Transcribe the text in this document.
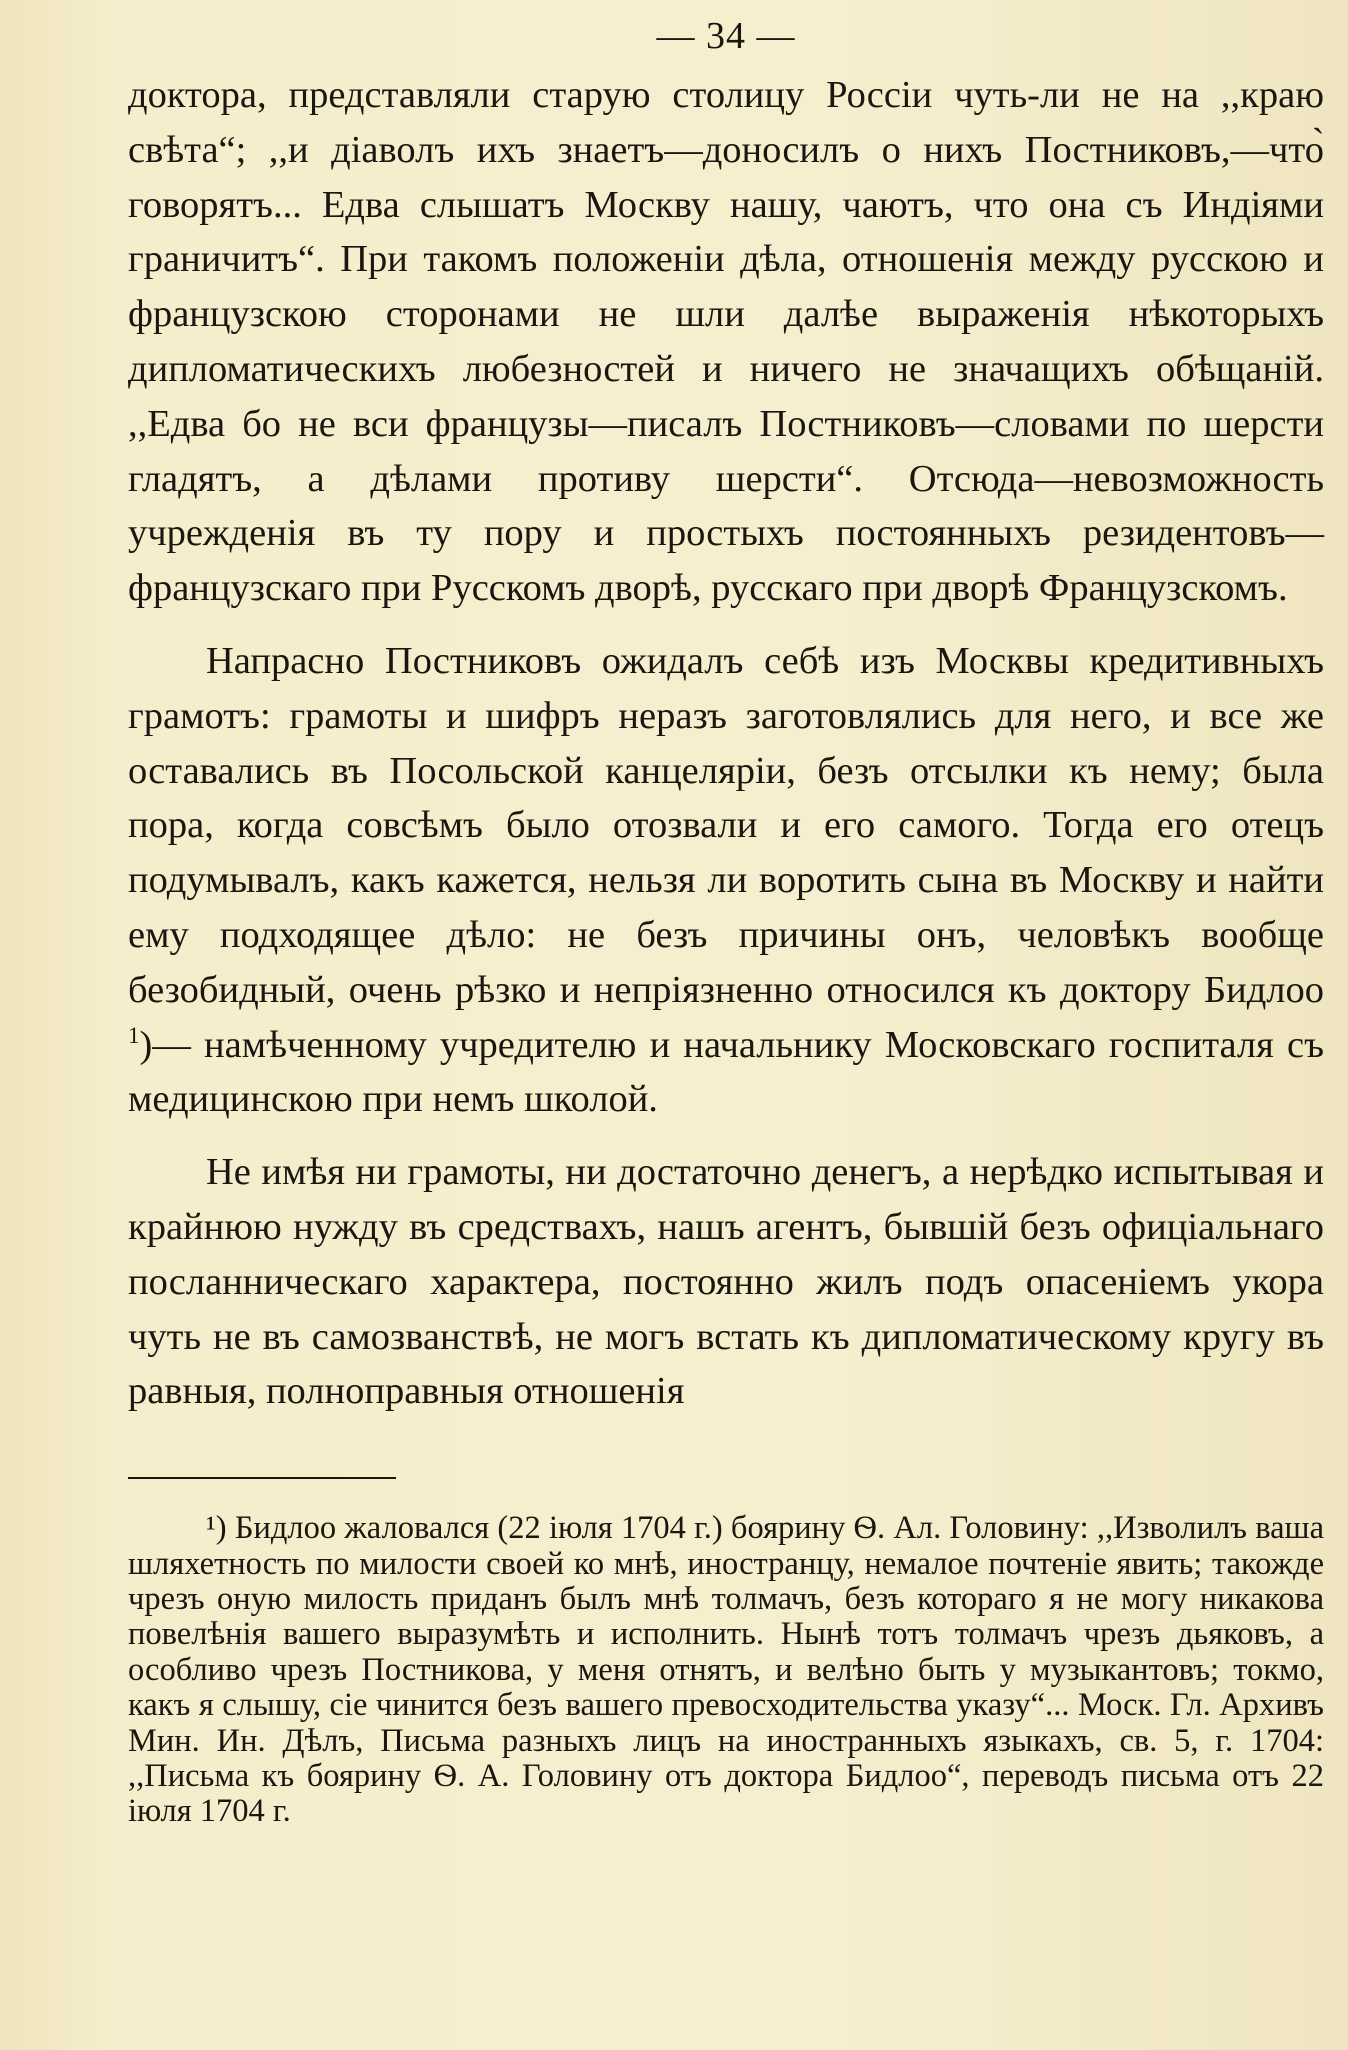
— 34 —

доктора, представляли старую столицу Россіи чуть-ли не на ,,краю свѣта“; ,,и діаволъ ихъ знаетъ—доносилъ о нихъ Постниковъ,—что̀ говорятъ... Едва слышатъ Москву нашу, чаютъ, что она съ Индіями граничитъ“. При такомъ положеніи дѣла, отношенія между русскою и французскою сторонами не шли далѣе выраженія нѣкоторыхъ дипломатическихъ любезностей и ничего не значащихъ обѣщаній. ,,Едва бо не вси французы—писалъ Постниковъ—словами по шерсти гладятъ, а дѣлами противу шерсти“. Отсюда—невозможность учрежденія въ ту пору и простыхъ постоянныхъ резидентовъ—французскаго при Русскомъ дворѣ, русскаго при дворѣ Французскомъ.

Напрасно Постниковъ ожидалъ себѣ изъ Москвы кредитивныхъ грамотъ: грамоты и шифръ неразъ заготовлялись для него, и все же оставались въ Посольской канцеляріи, безъ отсылки къ нему; была пора, когда совсѣмъ было отозвали и его самого. Тогда его отецъ подумывалъ, какъ кажется, нельзя ли воротить сына въ Москву и найти ему подходящее дѣло: не безъ причины онъ, человѣкъ вообще безобидный, очень рѣзко и непріязненно относился къ доктору Бидлоо $^1$)— намѣченному учредителю и начальнику Московскаго госпиталя съ медицинскою при немъ школой.

Не имѣя ни грамоты, ни достаточно денегъ, а нерѣдко испытывая и крайнюю нужду въ средствахъ, нашъ агентъ, бывшій безъ офиціальнаго посланническаго характера, постоянно жилъ подъ опасеніемъ укора чуть не въ самозванствѣ, не могъ встать къ дипломатическому кругу въ равныя, полноправныя отношенія

¹) Бидлоо жаловался (22 іюля 1704 г.) боярину Ѳ. Ал. Головину: ,,Изволилъ ваша шляхетность по милости своей ко мнѣ, иностранцу, немалое почтеніе явить; такожде чрезъ оную милость приданъ былъ мнѣ толмачъ, безъ котораго я не могу никакова повелѣнія вашего выразумѣть и исполнить. Нынѣ тотъ толмачъ чрезъ дьяковъ, а особливо чрезъ Постникова, у меня отнятъ, и велѣно быть у музыкантовъ; токмо, какъ я слышу, сіе чинится безъ вашего превосходительства указу“... Моск. Гл. Архивъ Мин. Ин. Дѣлъ, Письма разныхъ лицъ на иностранныхъ языкахъ, св. 5, г. 1704: ,,Письма къ боярину Ѳ. А. Головину отъ доктора Бидлоо“, переводъ письма отъ 22 іюля 1704 г.
